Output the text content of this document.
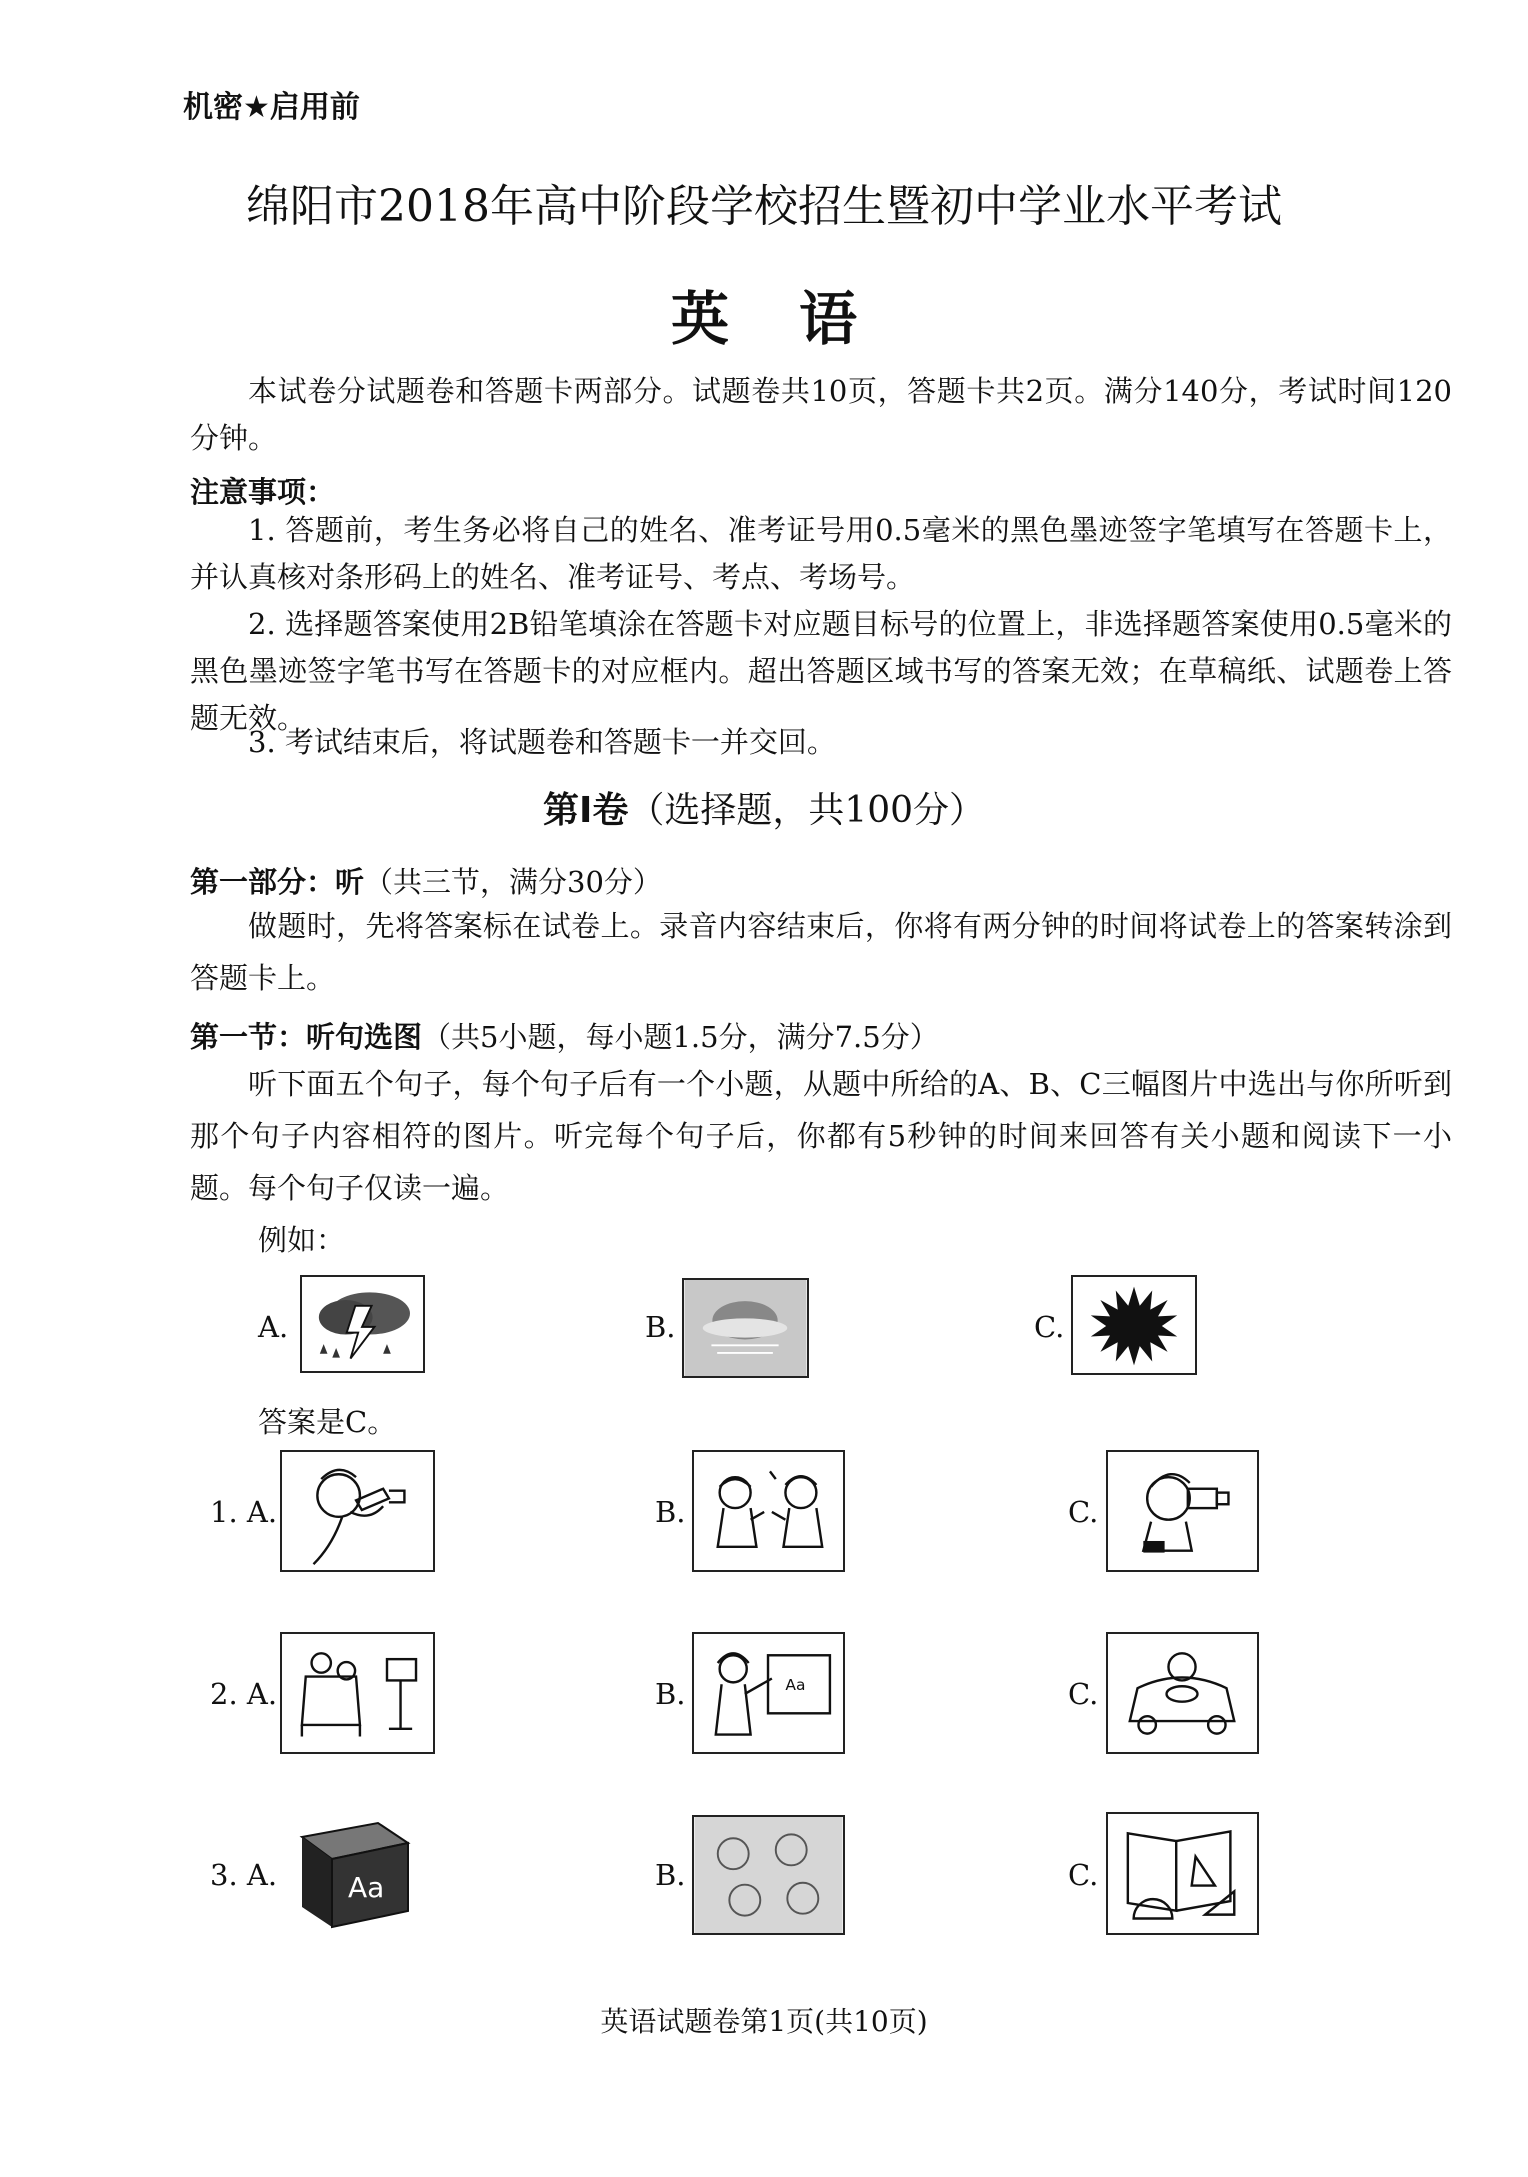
机密★启用前
绵阳市2018年高中阶段学校招生暨初中学业水平考试
英语
本试卷分试题卷和答题卡两部分。试题卷共10页，答题卡共2页。满分140分，考试时间120分钟。
注意事项：
1. 答题前，考生务必将自己的姓名、准考证号用0.5毫米的黑色墨迹签字笔填写在答题卡上，并认真核对条形码上的姓名、准考证号、考点、考场号。
2. 选择题答案使用2B铅笔填涂在答题卡对应题目标号的位置上，非选择题答案使用0.5毫米的黑色墨迹签字笔书写在答题卡的对应框内。超出答题区域书写的答案无效；在草稿纸、试题卷上答题无效。
3. 考试结束后，将试题卷和答题卡一并交回。
第Ⅰ卷（选择题，共100分）
第一部分：听（共三节，满分30分）
做题时，先将答案标在试卷上。录音内容结束后，你将有两分钟的时间将试卷上的答案转涂到答题卡上。
第一节：听句选图（共5小题，每小题1.5分，满分7.5分）
听下面五个句子，每个句子后有一个小题，从题中所给的A、B、C三幅图片中选出与你所听到那个句子内容相符的图片。听完每个句子后，你都有5秒钟的时间来回答有关小题和阅读下一小题。每个句子仅读一遍。
例如：
A.	B.	C.
答案是C。
1. A.	B.	C.
2. A.	B.	Aa	C.
3. A.	Aa	B.	C.
英语试题卷第1页(共10页)
